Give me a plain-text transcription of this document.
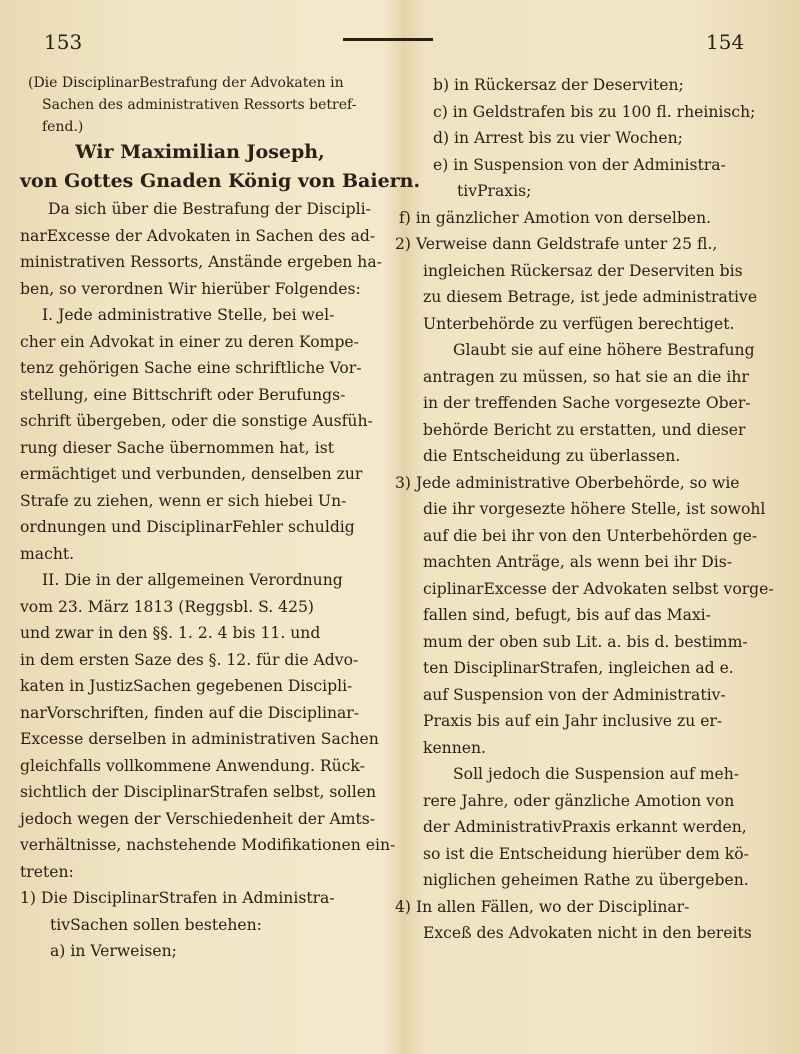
153	154
(Die DisciplinarBestrafung der Advokaten in
Sachen des administrativen Ressorts betref-
fend.)
Wir Maximilian Joseph,
von Gottes Gnaden König von Baiern.
Da sich über die Bestrafung der Discipli-
narExcesse der Advokaten in Sachen des ad-
ministrativen Ressorts, Anstände ergeben ha-
ben, so verordnen Wir hierüber Folgendes:
I. Jede administrative Stelle, bei wel-
cher ein Advokat in einer zu deren Kompe-
tenz gehörigen Sache eine schriftliche Vor-
stellung, eine Bittschrift oder Berufungs-
schrift übergeben, oder die sonstige Ausfüh-
rung dieser Sache übernommen hat, ist
ermächtiget und verbunden, denselben zur
Strafe zu ziehen, wenn er sich hiebei Un-
ordnungen und DisciplinarFehler schuldig
macht.
II. Die in der allgemeinen Verordnung
vom 23. März 1813 (Reggsbl. S. 425)
und zwar in den §§. 1. 2. 4 bis 11. und
in dem ersten Saze des §. 12. für die Advo-
katen in JustizSachen gegebenen Discipli-
narVorschriften, finden auf die Disciplinar-
Excesse derselben in administrativen Sachen
gleichfalls vollkommene Anwendung. Rück-
sichtlich der DisciplinarStrafen selbst, sollen
jedoch wegen der Verschiedenheit der Amts-
verhältnisse, nachstehende Modifikationen ein-
treten:
1) Die DisciplinarStrafen in Administra-
tivSachen sollen bestehen:
a) in Verweisen;
b) in Rückersaz der Deserviten;
c) in Geldstrafen bis zu 100 fl. rheinisch;
d) in Arrest bis zu vier Wochen;
e) in Suspension von der Administra-
tivPraxis;
f) in gänzlicher Amotion von derselben.
2) Verweise dann Geldstrafe unter 25 fl.,
ingleichen Rückersaz der Deserviten bis
zu diesem Betrage, ist jede administrative
Unterbehörde zu verfügen berechtiget.
Glaubt sie auf eine höhere Bestrafung
antragen zu müssen, so hat sie an die ihr
in der treffenden Sache vorgesezte Ober-
behörde Bericht zu erstatten, und dieser
die Entscheidung zu überlassen.
3) Jede administrative Oberbehörde, so wie
die ihr vorgesezte höhere Stelle, ist sowohl
auf die bei ihr von den Unterbehörden ge-
machten Anträge, als wenn bei ihr Dis-
ciplinarExcesse der Advokaten selbst vorge-
fallen sind, befugt, bis auf das Maxi-
mum der oben sub Lit. a. bis d. bestimm-
ten DisciplinarStrafen, ingleichen ad e.
auf Suspension von der Administrativ-
Praxis bis auf ein Jahr inclusive zu er-
kennen.
Soll jedoch die Suspension auf meh-
rere Jahre, oder gänzliche Amotion von
der AdministrativPraxis erkannt werden,
so ist die Entscheidung hierüber dem kö-
niglichen geheimen Rathe zu übergeben.
4) In allen Fällen, wo der Disciplinar-
Exceß des Advokaten nicht in den bereits
